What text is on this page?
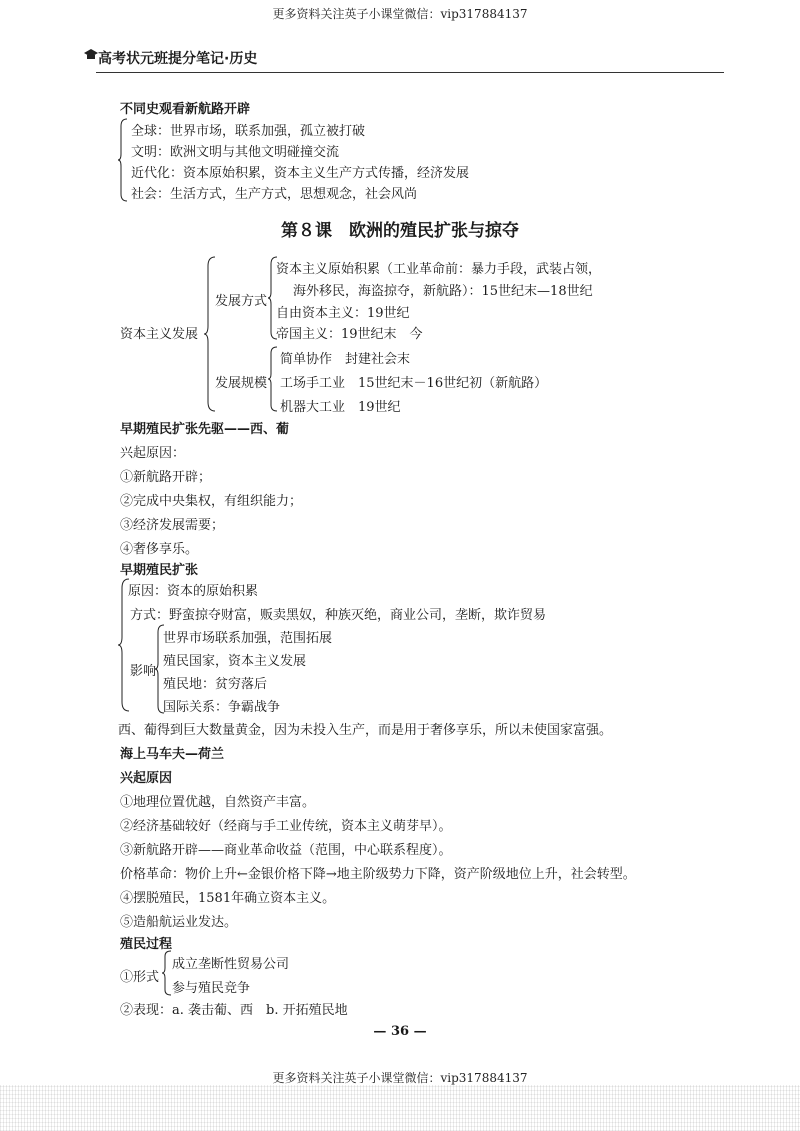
更多资料关注英子小课堂微信：vip317884137
高考状元班提分笔记·历史
不同史观看新航路开辟
全球：世界市场，联系加强，孤立被打破
文明：欧洲文明与其他文明碰撞交流
近代化：资本原始积累，资本主义生产方式传播，经济发展
社会：生活方式，生产方式，思想观念，社会风尚
第８课　欧洲的殖民扩张与掠夺
资本主义发展
发展方式
资本主义原始积累（工业革命前：暴力手段，武装占领，
海外移民，海盗掠夺，新航路）：15世纪末—18世纪
自由资本主义：19世纪
帝国主义：19世纪末　今
发展规模
简单协作　封建社会末
工场手工业　15世纪末－16世纪初（新航路）
机器大工业　19世纪
早期殖民扩张先驱——西、葡
兴起原因：
①新航路开辟；
②完成中央集权，有组织能力；
③经济发展需要；
④奢侈享乐。
早期殖民扩张
原因：资本的原始积累
方式：野蛮掠夺财富，贩卖黑奴，种族灭绝，商业公司，垄断，欺诈贸易
影响
世界市场联系加强，范围拓展
殖民国家，资本主义发展
殖民地：贫穷落后
国际关系：争霸战争
西、葡得到巨大数量黄金，因为未投入生产，而是用于奢侈享乐，所以未使国家富强。
海上马车夫—荷兰
兴起原因
①地理位置优越，自然资产丰富。
②经济基础较好（经商与手工业传统，资本主义萌芽早）。
③新航路开辟——商业革命收益（范围，中心联系程度）。
价格革命：物价上升←金银价格下降→地主阶级势力下降，资产阶级地位上升，社会转型。
④摆脱殖民，1581年确立资本主义。
⑤造船航运业发达。
殖民过程
①形式
成立垄断性贸易公司
参与殖民竞争
②表现：a. 袭击葡、西　b. 开拓殖民地
— 36 —
更多资料关注英子小课堂微信：vip317884137
